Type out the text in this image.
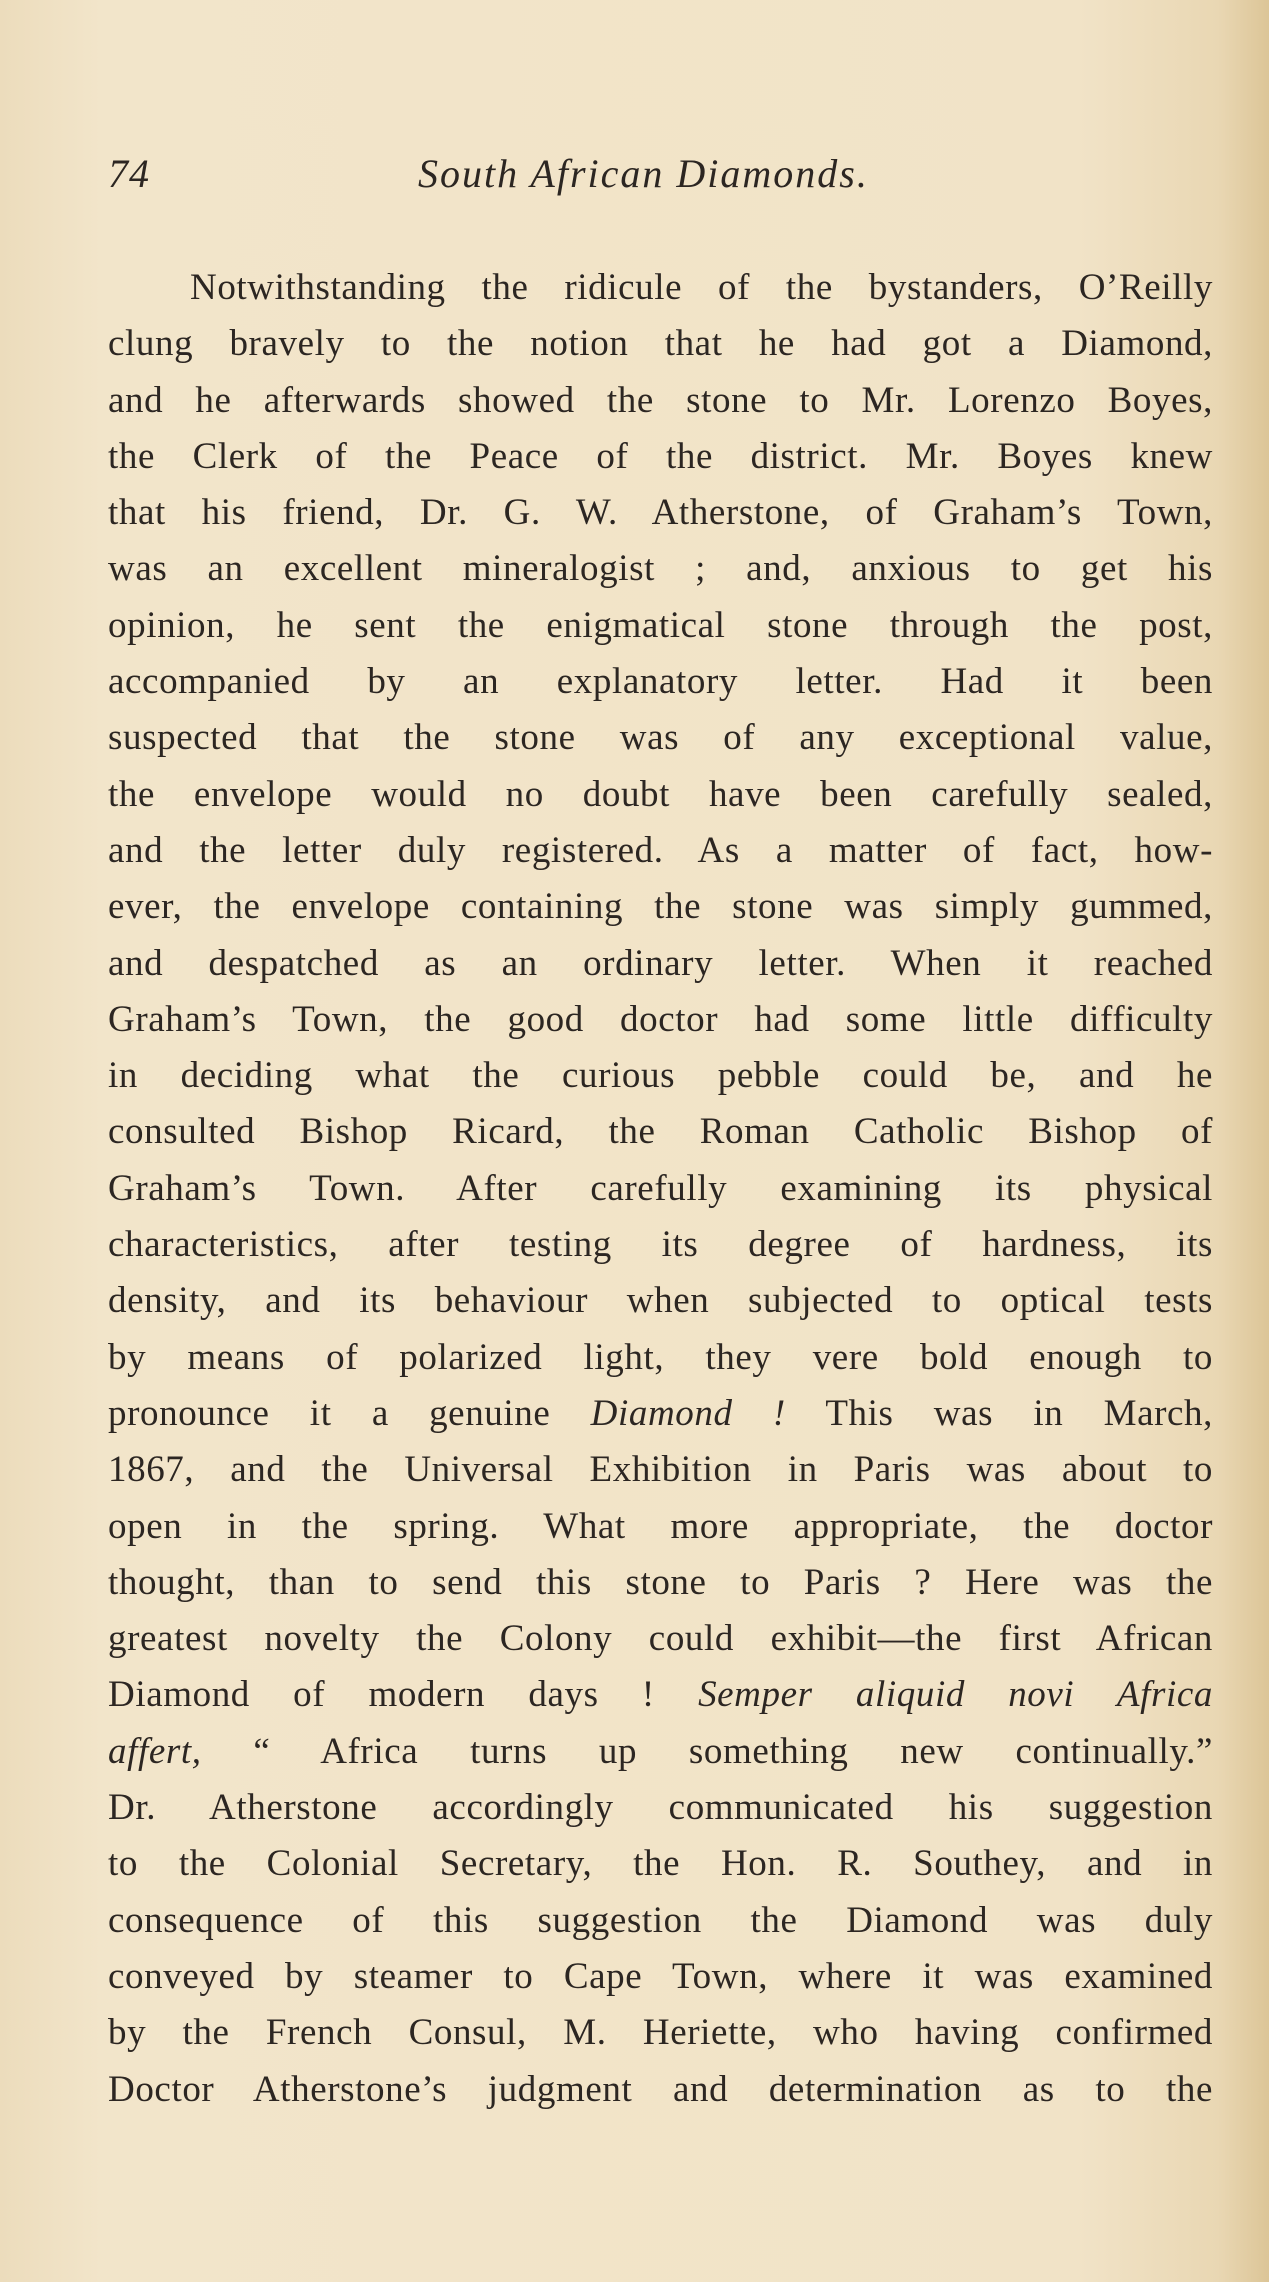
74	South African Diamonds.
Notwithstanding the ridicule of the bystanders, O’Reilly
clung bravely to the notion that he had got a Diamond,
and he afterwards showed the stone to Mr. Lorenzo Boyes,
the Clerk of the Peace of the district. Mr. Boyes knew
that his friend, Dr. G. W. Atherstone, of Graham’s Town,
was an excellent mineralogist ; and, anxious to get his
opinion, he sent the enigmatical stone through the post,
accompanied by an explanatory letter. Had it been
suspected that the stone was of any exceptional value,
the envelope would no doubt have been carefully sealed,
and the letter duly registered. As a matter of fact, how-
ever, the envelope containing the stone was simply gummed,
and despatched as an ordinary letter. When it reached
Graham’s Town, the good doctor had some little difficulty
in deciding what the curious pebble could be, and he
consulted Bishop Ricard, the Roman Catholic Bishop of
Graham’s Town. After carefully examining its physical
characteristics, after testing its degree of hardness, its
density, and its behaviour when subjected to optical tests
by means of polarized light, they vere bold enough to
pronounce it a genuine Diamond ! This was in March,
1867, and the Universal Exhibition in Paris was about to
open in the spring. What more appropriate, the doctor
thought, than to send this stone to Paris ? Here was the
greatest novelty the Colony could exhibit—the first African
Diamond of modern days ! Semper aliquid novi Africa
affert, “ Africa turns up something new continually.”
Dr. Atherstone accordingly communicated his suggestion
to the Colonial Secretary, the Hon. R. Southey, and in
consequence of this suggestion the Diamond was duly
conveyed by steamer to Cape Town, where it was examined
by the French Consul, M. Heriette, who having confirmed
Doctor Atherstone’s judgment and determination as to the
